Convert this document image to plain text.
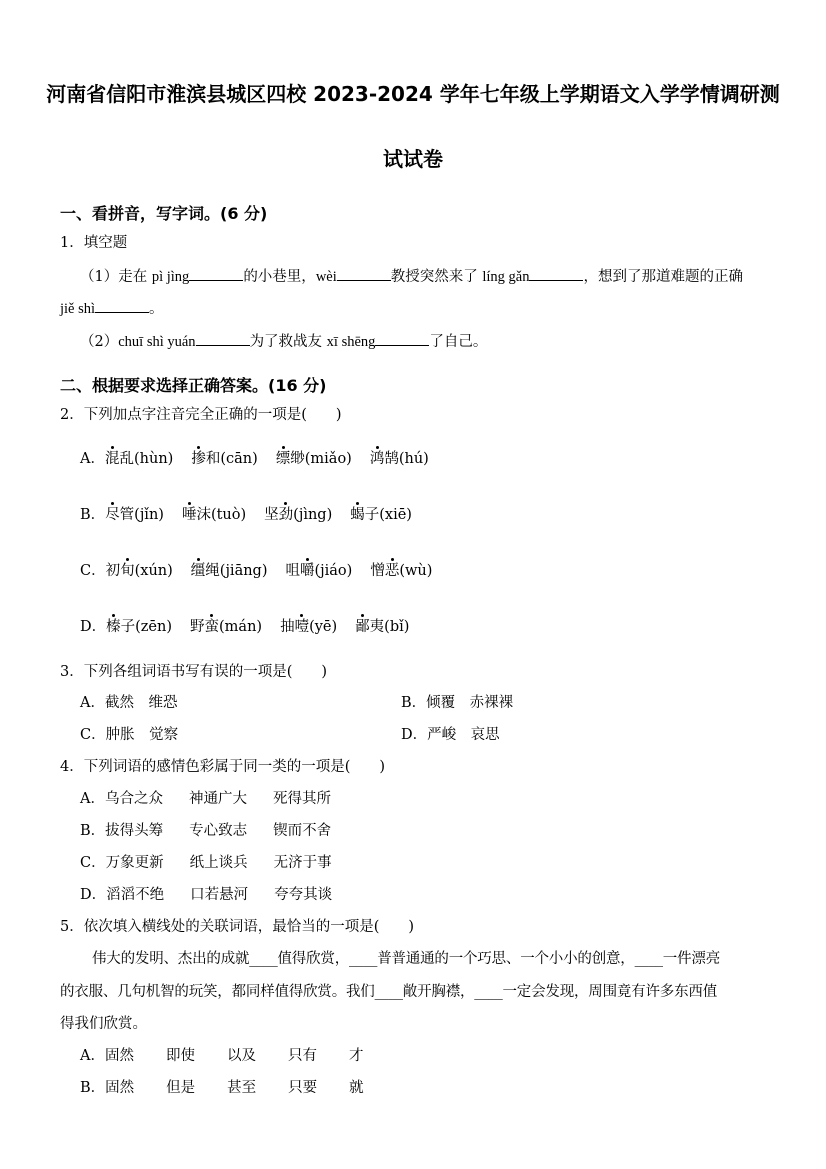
河南省信阳市淮滨县城区四校 2023-2024 学年七年级上学期语文入学学情调研测
试试卷
一、看拼音，写字词。(6 分)
1．填空题
（1）走在 pì jìng	的小巷里，wèi	教授突然来了 líng gǎn	，想到了那道难题的正确
jiě shì	。
（2）chuī shì yuán	为了救战友 xī shēng	了自己。
二、根据要求选择正确答案。(16 分)
2．下列加点字注音完全正确的一项是(　　)
A．混乱(hùn) 掺和(cān) 缥缈(miǎo) 鸿鹄(hú)
B．尽管(jǐn) 唾沫(tuò) 坚劲(jìng) 蝎子(xiē)
C．初旬(xún) 缰绳(jiāng) 咀嚼(jiáo) 憎恶(wù)
D．榛子(zēn) 野蛮(mán) 抽噎(yē) 鄙夷(bǐ)
3．下列各组词语书写有误的一项是(　　)
A．截然　维恐	B．倾覆　赤裸裸
C．肿胀　觉察	D．严峻　哀思
4．下列词语的感情色彩属于同一类的一项是(　　)
A．乌合之众 神通广大 死得其所
B．拔得头筹 专心致志 锲而不舍
C．万象更新 纸上谈兵 无济于事
D．滔滔不绝 口若悬河 夸夸其谈
5．依次填入横线处的关联词语，最恰当的一项是(　　)
伟大的发明、杰出的成就____值得欣赏，____普普通通的一个巧思、一个小小的创意，____一件漂亮
的衣服、几句机智的玩笑，都同样值得欣赏。我们____敞开胸襟，____一定会发现，周围竟有许多东西值
得我们欣赏。
A．固然 即使 以及 只有 才
B．固然 但是 甚至 只要 就
